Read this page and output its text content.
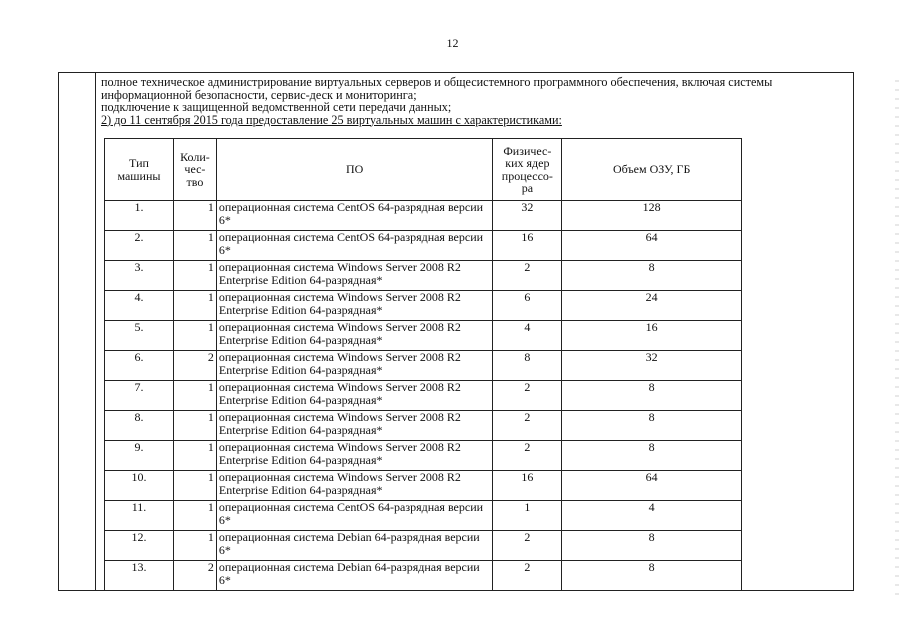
12

полное техническое администрирование виртуальных серверов и общесистемного программного обеспечения, включая системы

информационной безопасности, сервис-деск и мониторинга;

подключение к защищенной ведомственной сети передачи данных;

2) до 11 сентября 2015 года предоставление 25 виртуальных машин с характеристиками:

Тип машины	Коли- чес- тво	ПО	Физичес- ких ядер процессо- ра	Объем ОЗУ, ГБ
1.	1	операционная система CentOS 64-разрядная версии 6*	32	128
2.	1	операционная система CentOS 64-разрядная версии 6*	16	64
3.	1	операционная система Windows Server 2008 R2 Enterprise Edition 64-разрядная*	2	8
4.	1	операционная система Windows Server 2008 R2 Enterprise Edition 64-разрядная*	6	24
5.	1	операционная система Windows Server 2008 R2 Enterprise Edition 64-разрядная*	4	16
6.	2	операционная система Windows Server 2008 R2 Enterprise Edition 64-разрядная*	8	32
7.	1	операционная система Windows Server 2008 R2 Enterprise Edition 64-разрядная*	2	8
8.	1	операционная система Windows Server 2008 R2 Enterprise Edition 64-разрядная*	2	8
9.	1	операционная система Windows Server 2008 R2 Enterprise Edition 64-разрядная*	2	8
10.	1	операционная система Windows Server 2008 R2 Enterprise Edition 64-разрядная*	16	64
11.	1	операционная система CentOS 64-разрядная версии 6*	1	4
12.	1	операционная система Debian 64-разрядная версии 6*	2	8
13.	2	операционная система Debian 64-разрядная версии 6*	2	8
